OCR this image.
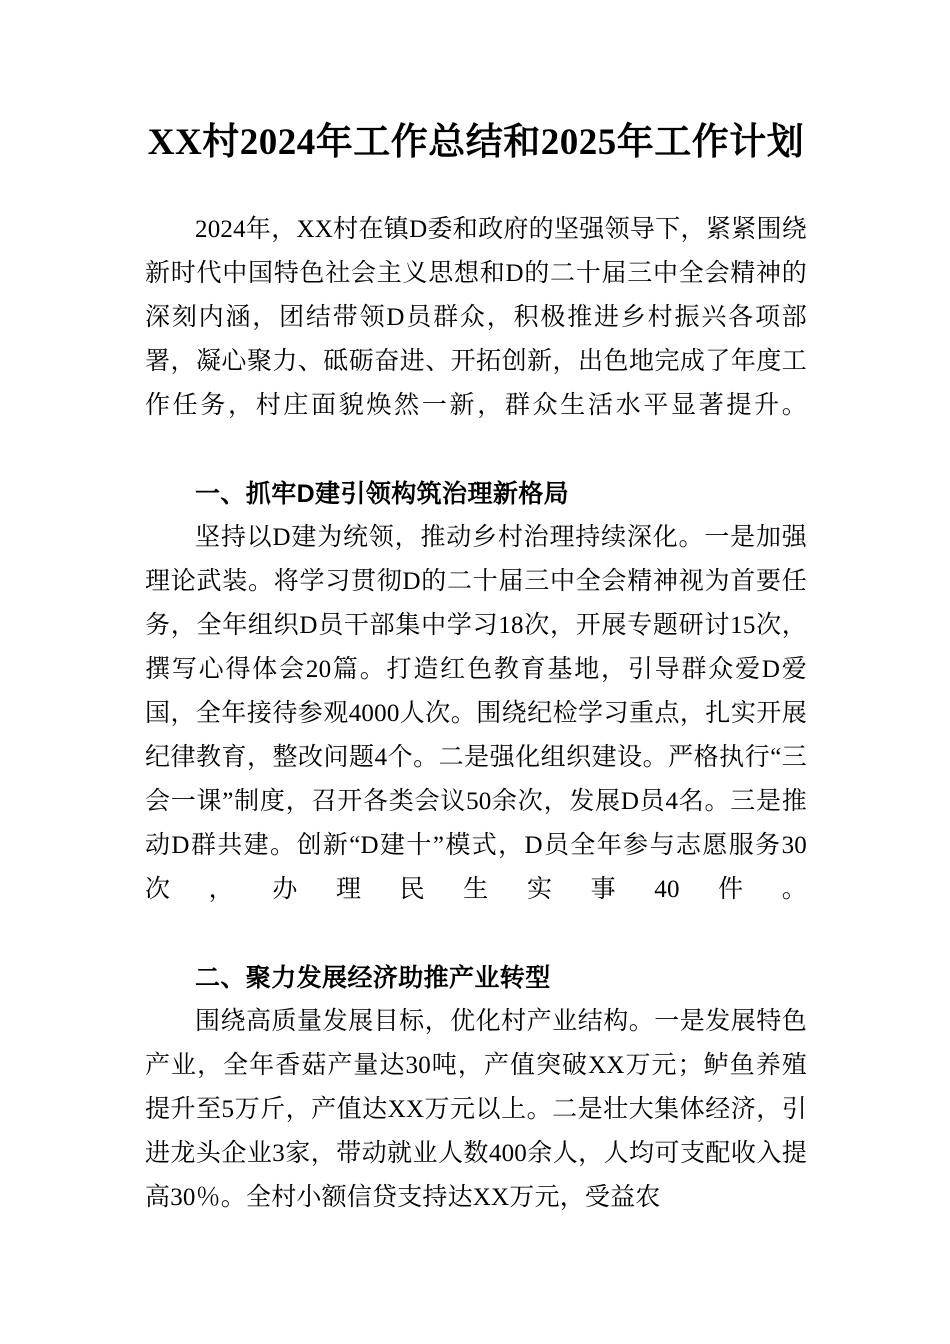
XX村2024年工作总结和2025年工作计划

2024年，XX村在镇D委和政府的坚强领导下，紧紧围绕新时代中国特色社会主义思想和D的二十届三中全会精神的深刻内涵，团结带领D员群众，积极推进乡村振兴各项部署，凝心聚力、砥砺奋进、开拓创新，出色地完成了年度工作任务，村庄面貌焕然一新，群众生活水平显著提升。

一、抓牢D建引领构筑治理新格局

坚持以D建为统领，推动乡村治理持续深化。一是加强理论武装。将学习贯彻D的二十届三中全会精神视为首要任务，全年组织D员干部集中学习18次，开展专题研讨15次，撰写心得体会20篇。打造红色教育基地，引导群众爱D爱国，全年接待参观4000人次。围绕纪检学习重点，扎实开展纪律教育，整改问题4个。二是强化组织建设。严格执行“三会一课”制度，召开各类会议50余次，发展D员4名。三是推动D群共建。创新“D建十”模式，D员全年参与志愿服务30次，办理民生实事40件。

二、聚力发展经济助推产业转型

围绕高质量发展目标，优化村产业结构。一是发展特色产业，全年香菇产量达30吨，产值突破XX万元；鲈鱼养殖提升至5万斤，产值达XX万元以上。二是壮大集体经济，引进龙头企业3家，带动就业人数400余人，人均可支配收入提高30％。全村小额信贷支持达XX万元，受益农
